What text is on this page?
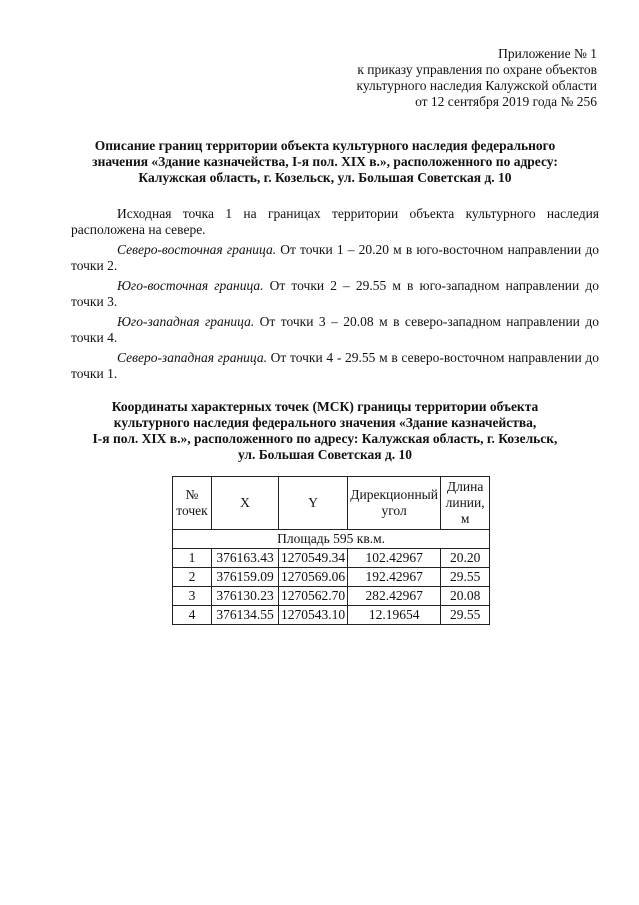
Приложение № 1
к приказу управления по охране объектов
культурного наследия Калужской области
от 12 сентября 2019 года № 256
Описание границ территории объекта культурного наследия федерального
значения «Здание казначейства, I-я пол. XIX в.», расположенного по адресу:
Калужская область, г. Козельск, ул. Большая Советская д. 10

Исходная точка 1 на границах территории объекта культурного наследия расположена на севере.

Северо-восточная граница. От точки 1 – 20.20 м в юго-восточном направлении до точки 2.

Юго-восточная граница. От точки 2 – 29.55 м в юго-западном направлении до точки 3.

Юго-западная граница. От точки 3 – 20.08 м в северо-западном направлении до точки 4.

Северо-западная граница. От точки 4 - 29.55 м в северо-восточном направлении до точки 1.

Координаты характерных точек (МСК) границы территории объекта
культурного наследия федерального значения «Здание казначейства,
I-я пол. XIX в.», расположенного по адресу: Калужская область, г. Козельск,
ул. Большая Советская д. 10
№ точек	X	Y	Дирекционный угол	Длина линии, м
Площадь 595 кв.м.				
1	376163.43	1270549.34	102.42967	20.20
2	376159.09	1270569.06	192.42967	29.55
3	376130.23	1270562.70	282.42967	20.08
4	376134.55	1270543.10	12.19654	29.55
